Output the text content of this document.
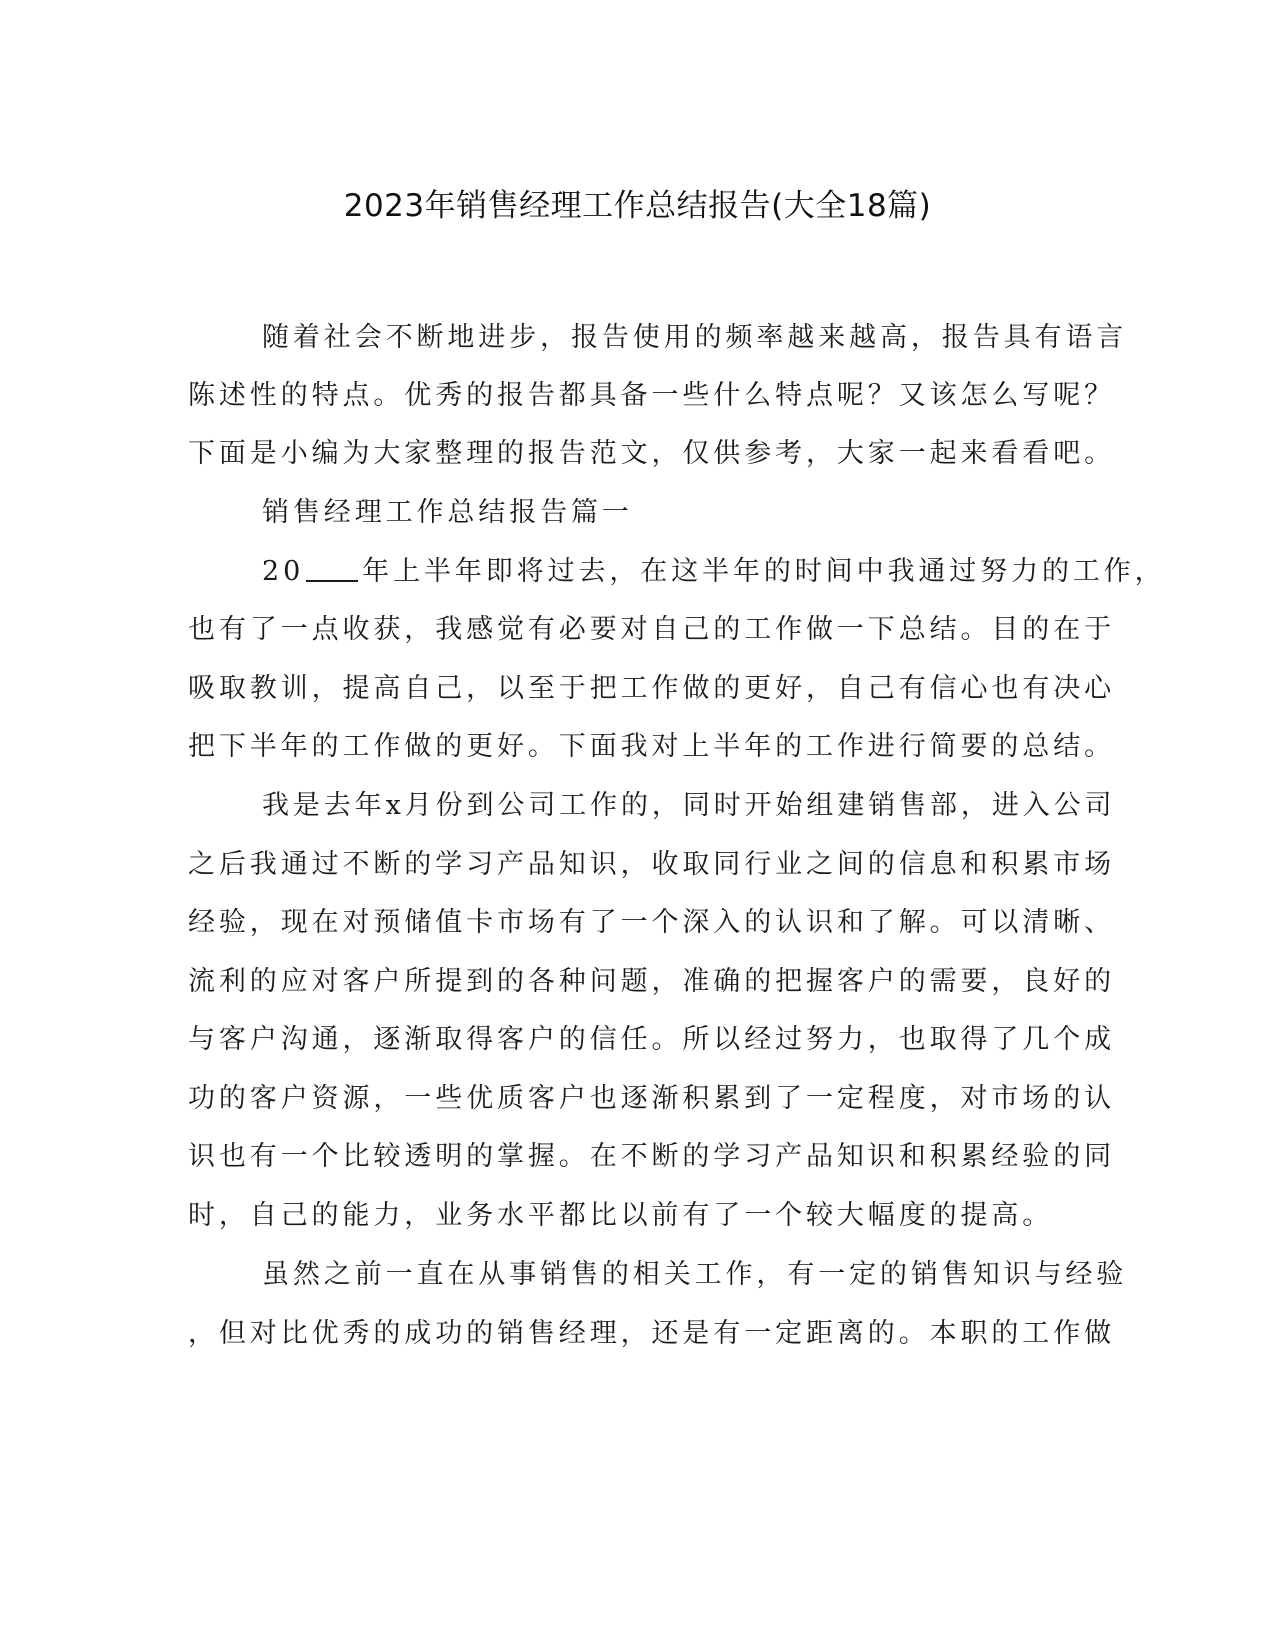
2023年销售经理工作总结报告(大全18篇)
随着社会不断地进步，报告使用的频率越来越高，报告具有语言
陈述性的特点。优秀的报告都具备一些什么特点呢？又该怎么写呢？
下面是小编为大家整理的报告范文，仅供参考，大家一起来看看吧。
销售经理工作总结报告篇一
20 年上半年即将过去，在这半年的时间中我通过努力的工作，
也有了一点收获，我感觉有必要对自己的工作做一下总结。目的在于
吸取教训，提高自己，以至于把工作做的更好，自己有信心也有决心
把下半年的工作做的更好。下面我对上半年的工作进行简要的总结。
我是去年x月份到公司工作的，同时开始组建销售部，进入公司
之后我通过不断的学习产品知识，收取同行业之间的信息和积累市场
经验，现在对预储值卡市场有了一个深入的认识和了解。可以清晰、
流利的应对客户所提到的各种问题，准确的把握客户的需要，良好的
与客户沟通，逐渐取得客户的信任。所以经过努力，也取得了几个成
功的客户资源，一些优质客户也逐渐积累到了一定程度，对市场的认
识也有一个比较透明的掌握。在不断的学习产品知识和积累经验的同
时，自己的能力，业务水平都比以前有了一个较大幅度的提高。
虽然之前一直在从事销售的相关工作，有一定的销售知识与经验
，但对比优秀的成功的销售经理，还是有一定距离的。本职的工作做
